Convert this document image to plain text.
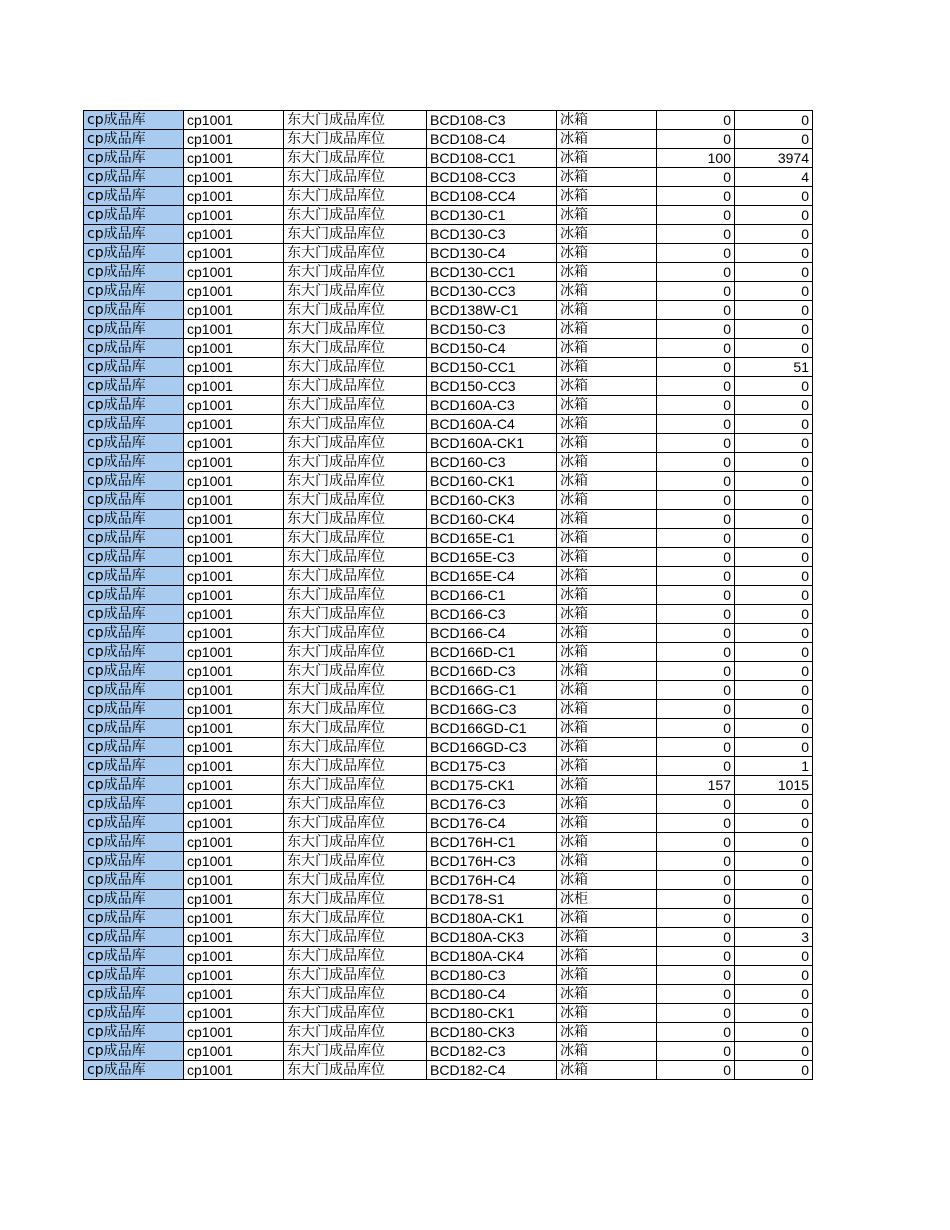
cp成品库	cp1001	东大门成品库位	BCD108-C3	冰箱	0	0
cp成品库	cp1001	东大门成品库位	BCD108-C4	冰箱	0	0
cp成品库	cp1001	东大门成品库位	BCD108-CC1	冰箱	100	3974
cp成品库	cp1001	东大门成品库位	BCD108-CC3	冰箱	0	4
cp成品库	cp1001	东大门成品库位	BCD108-CC4	冰箱	0	0
cp成品库	cp1001	东大门成品库位	BCD130-C1	冰箱	0	0
cp成品库	cp1001	东大门成品库位	BCD130-C3	冰箱	0	0
cp成品库	cp1001	东大门成品库位	BCD130-C4	冰箱	0	0
cp成品库	cp1001	东大门成品库位	BCD130-CC1	冰箱	0	0
cp成品库	cp1001	东大门成品库位	BCD130-CC3	冰箱	0	0
cp成品库	cp1001	东大门成品库位	BCD138W-C1	冰箱	0	0
cp成品库	cp1001	东大门成品库位	BCD150-C3	冰箱	0	0
cp成品库	cp1001	东大门成品库位	BCD150-C4	冰箱	0	0
cp成品库	cp1001	东大门成品库位	BCD150-CC1	冰箱	0	51
cp成品库	cp1001	东大门成品库位	BCD150-CC3	冰箱	0	0
cp成品库	cp1001	东大门成品库位	BCD160A-C3	冰箱	0	0
cp成品库	cp1001	东大门成品库位	BCD160A-C4	冰箱	0	0
cp成品库	cp1001	东大门成品库位	BCD160A-CK1	冰箱	0	0
cp成品库	cp1001	东大门成品库位	BCD160-C3	冰箱	0	0
cp成品库	cp1001	东大门成品库位	BCD160-CK1	冰箱	0	0
cp成品库	cp1001	东大门成品库位	BCD160-CK3	冰箱	0	0
cp成品库	cp1001	东大门成品库位	BCD160-CK4	冰箱	0	0
cp成品库	cp1001	东大门成品库位	BCD165E-C1	冰箱	0	0
cp成品库	cp1001	东大门成品库位	BCD165E-C3	冰箱	0	0
cp成品库	cp1001	东大门成品库位	BCD165E-C4	冰箱	0	0
cp成品库	cp1001	东大门成品库位	BCD166-C1	冰箱	0	0
cp成品库	cp1001	东大门成品库位	BCD166-C3	冰箱	0	0
cp成品库	cp1001	东大门成品库位	BCD166-C4	冰箱	0	0
cp成品库	cp1001	东大门成品库位	BCD166D-C1	冰箱	0	0
cp成品库	cp1001	东大门成品库位	BCD166D-C3	冰箱	0	0
cp成品库	cp1001	东大门成品库位	BCD166G-C1	冰箱	0	0
cp成品库	cp1001	东大门成品库位	BCD166G-C3	冰箱	0	0
cp成品库	cp1001	东大门成品库位	BCD166GD-C1	冰箱	0	0
cp成品库	cp1001	东大门成品库位	BCD166GD-C3	冰箱	0	0
cp成品库	cp1001	东大门成品库位	BCD175-C3	冰箱	0	1
cp成品库	cp1001	东大门成品库位	BCD175-CK1	冰箱	157	1015
cp成品库	cp1001	东大门成品库位	BCD176-C3	冰箱	0	0
cp成品库	cp1001	东大门成品库位	BCD176-C4	冰箱	0	0
cp成品库	cp1001	东大门成品库位	BCD176H-C1	冰箱	0	0
cp成品库	cp1001	东大门成品库位	BCD176H-C3	冰箱	0	0
cp成品库	cp1001	东大门成品库位	BCD176H-C4	冰箱	0	0
cp成品库	cp1001	东大门成品库位	BCD178-S1	冰柜	0	0
cp成品库	cp1001	东大门成品库位	BCD180A-CK1	冰箱	0	0
cp成品库	cp1001	东大门成品库位	BCD180A-CK3	冰箱	0	3
cp成品库	cp1001	东大门成品库位	BCD180A-CK4	冰箱	0	0
cp成品库	cp1001	东大门成品库位	BCD180-C3	冰箱	0	0
cp成品库	cp1001	东大门成品库位	BCD180-C4	冰箱	0	0
cp成品库	cp1001	东大门成品库位	BCD180-CK1	冰箱	0	0
cp成品库	cp1001	东大门成品库位	BCD180-CK3	冰箱	0	0
cp成品库	cp1001	东大门成品库位	BCD182-C3	冰箱	0	0
cp成品库	cp1001	东大门成品库位	BCD182-C4	冰箱	0	0
